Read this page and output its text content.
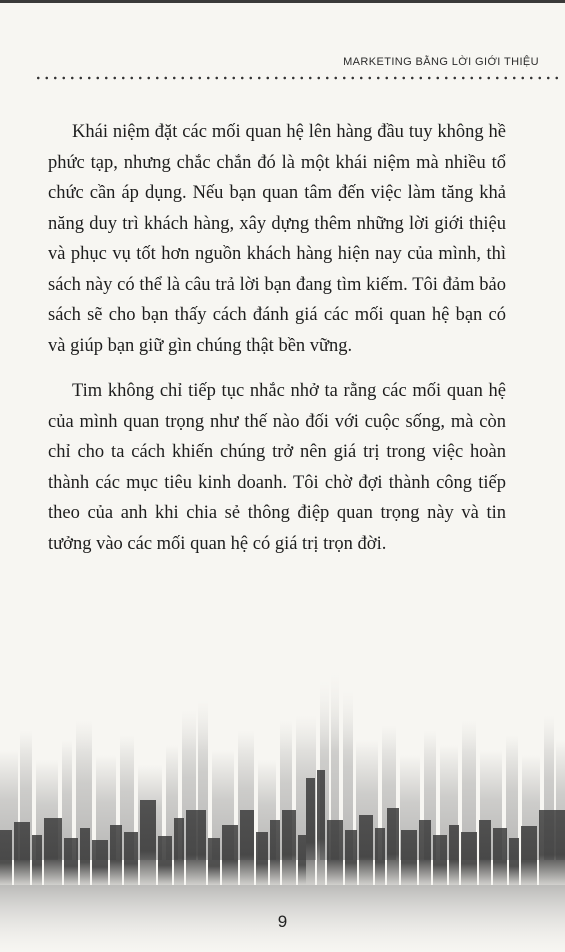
MARKETING BẰNG LỜI GIỚI THIỆU

Khái niệm đặt các mối quan hệ lên hàng đầu tuy không hề phức tạp, nhưng chắc chắn đó là một khái niệm mà nhiều tổ chức cần áp dụng. Nếu bạn quan tâm đến việc làm tăng khả năng duy trì khách hàng, xây dựng thêm những lời giới thiệu và phục vụ tốt hơn nguồn khách hàng hiện nay của mình, thì sách này có thể là câu trả lời bạn đang tìm kiếm. Tôi đảm bảo sách sẽ cho bạn thấy cách đánh giá các mối quan hệ bạn có và giúp bạn giữ gìn chúng thật bền vững.

Tim không chỉ tiếp tục nhắc nhở ta rằng các mối quan hệ của mình quan trọng như thế nào đối với cuộc sống, mà còn chỉ cho ta cách khiến chúng trở nên giá trị trong việc hoàn thành các mục tiêu kinh doanh. Tôi chờ đợi thành công tiếp theo của anh khi chia sẻ thông điệp quan trọng này và tin tưởng vào các mối quan hệ có giá trị trọn đời.

9
